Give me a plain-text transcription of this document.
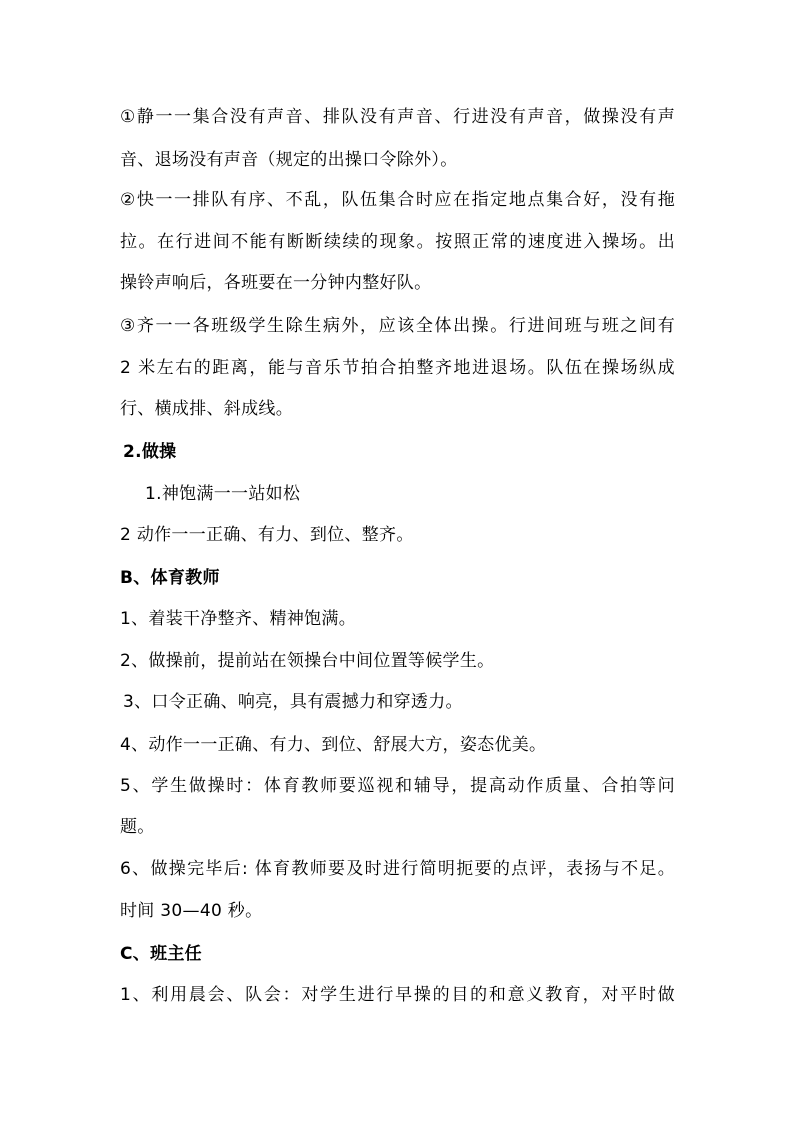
①静一一集合没有声音、排队没有声音、行进没有声音，做操没有声
音、退场没有声音（规定的出操口令除外）。
②快一一排队有序、不乱，队伍集合时应在指定地点集合好，没有拖
拉。在行进间不能有断断续续的现象。按照正常的速度进入操场。出
操铃声响后，各班要在一分钟内整好队。
③齐一一各班级学生除生病外，应该全体出操。行进间班与班之间有
2 米左右的距离，能与音乐节拍合拍整齐地进退场。队伍在操场纵成
行、横成排、斜成线。
2.做操
1.神饱满一一站如松
2 动作一一正确、有力、到位、整齐。
B、体育教师
1、着装干净整齐、精神饱满。
2、做操前，提前站在领操台中间位置等候学生。
3、口令正确、响亮，具有震撼力和穿透力。
4、动作一一正确、有力、到位、舒展大方，姿态优美。
5、学生做操时：体育教师要巡视和辅导，提高动作质量、合拍等问
题。
6、做操完毕后: 体育教师要及时进行简明扼要的点评，表扬与不足。
时间 30—40 秒。
C、班主任
1、利用晨会、队会：对学生进行早操的目的和意义教育，对平时做
